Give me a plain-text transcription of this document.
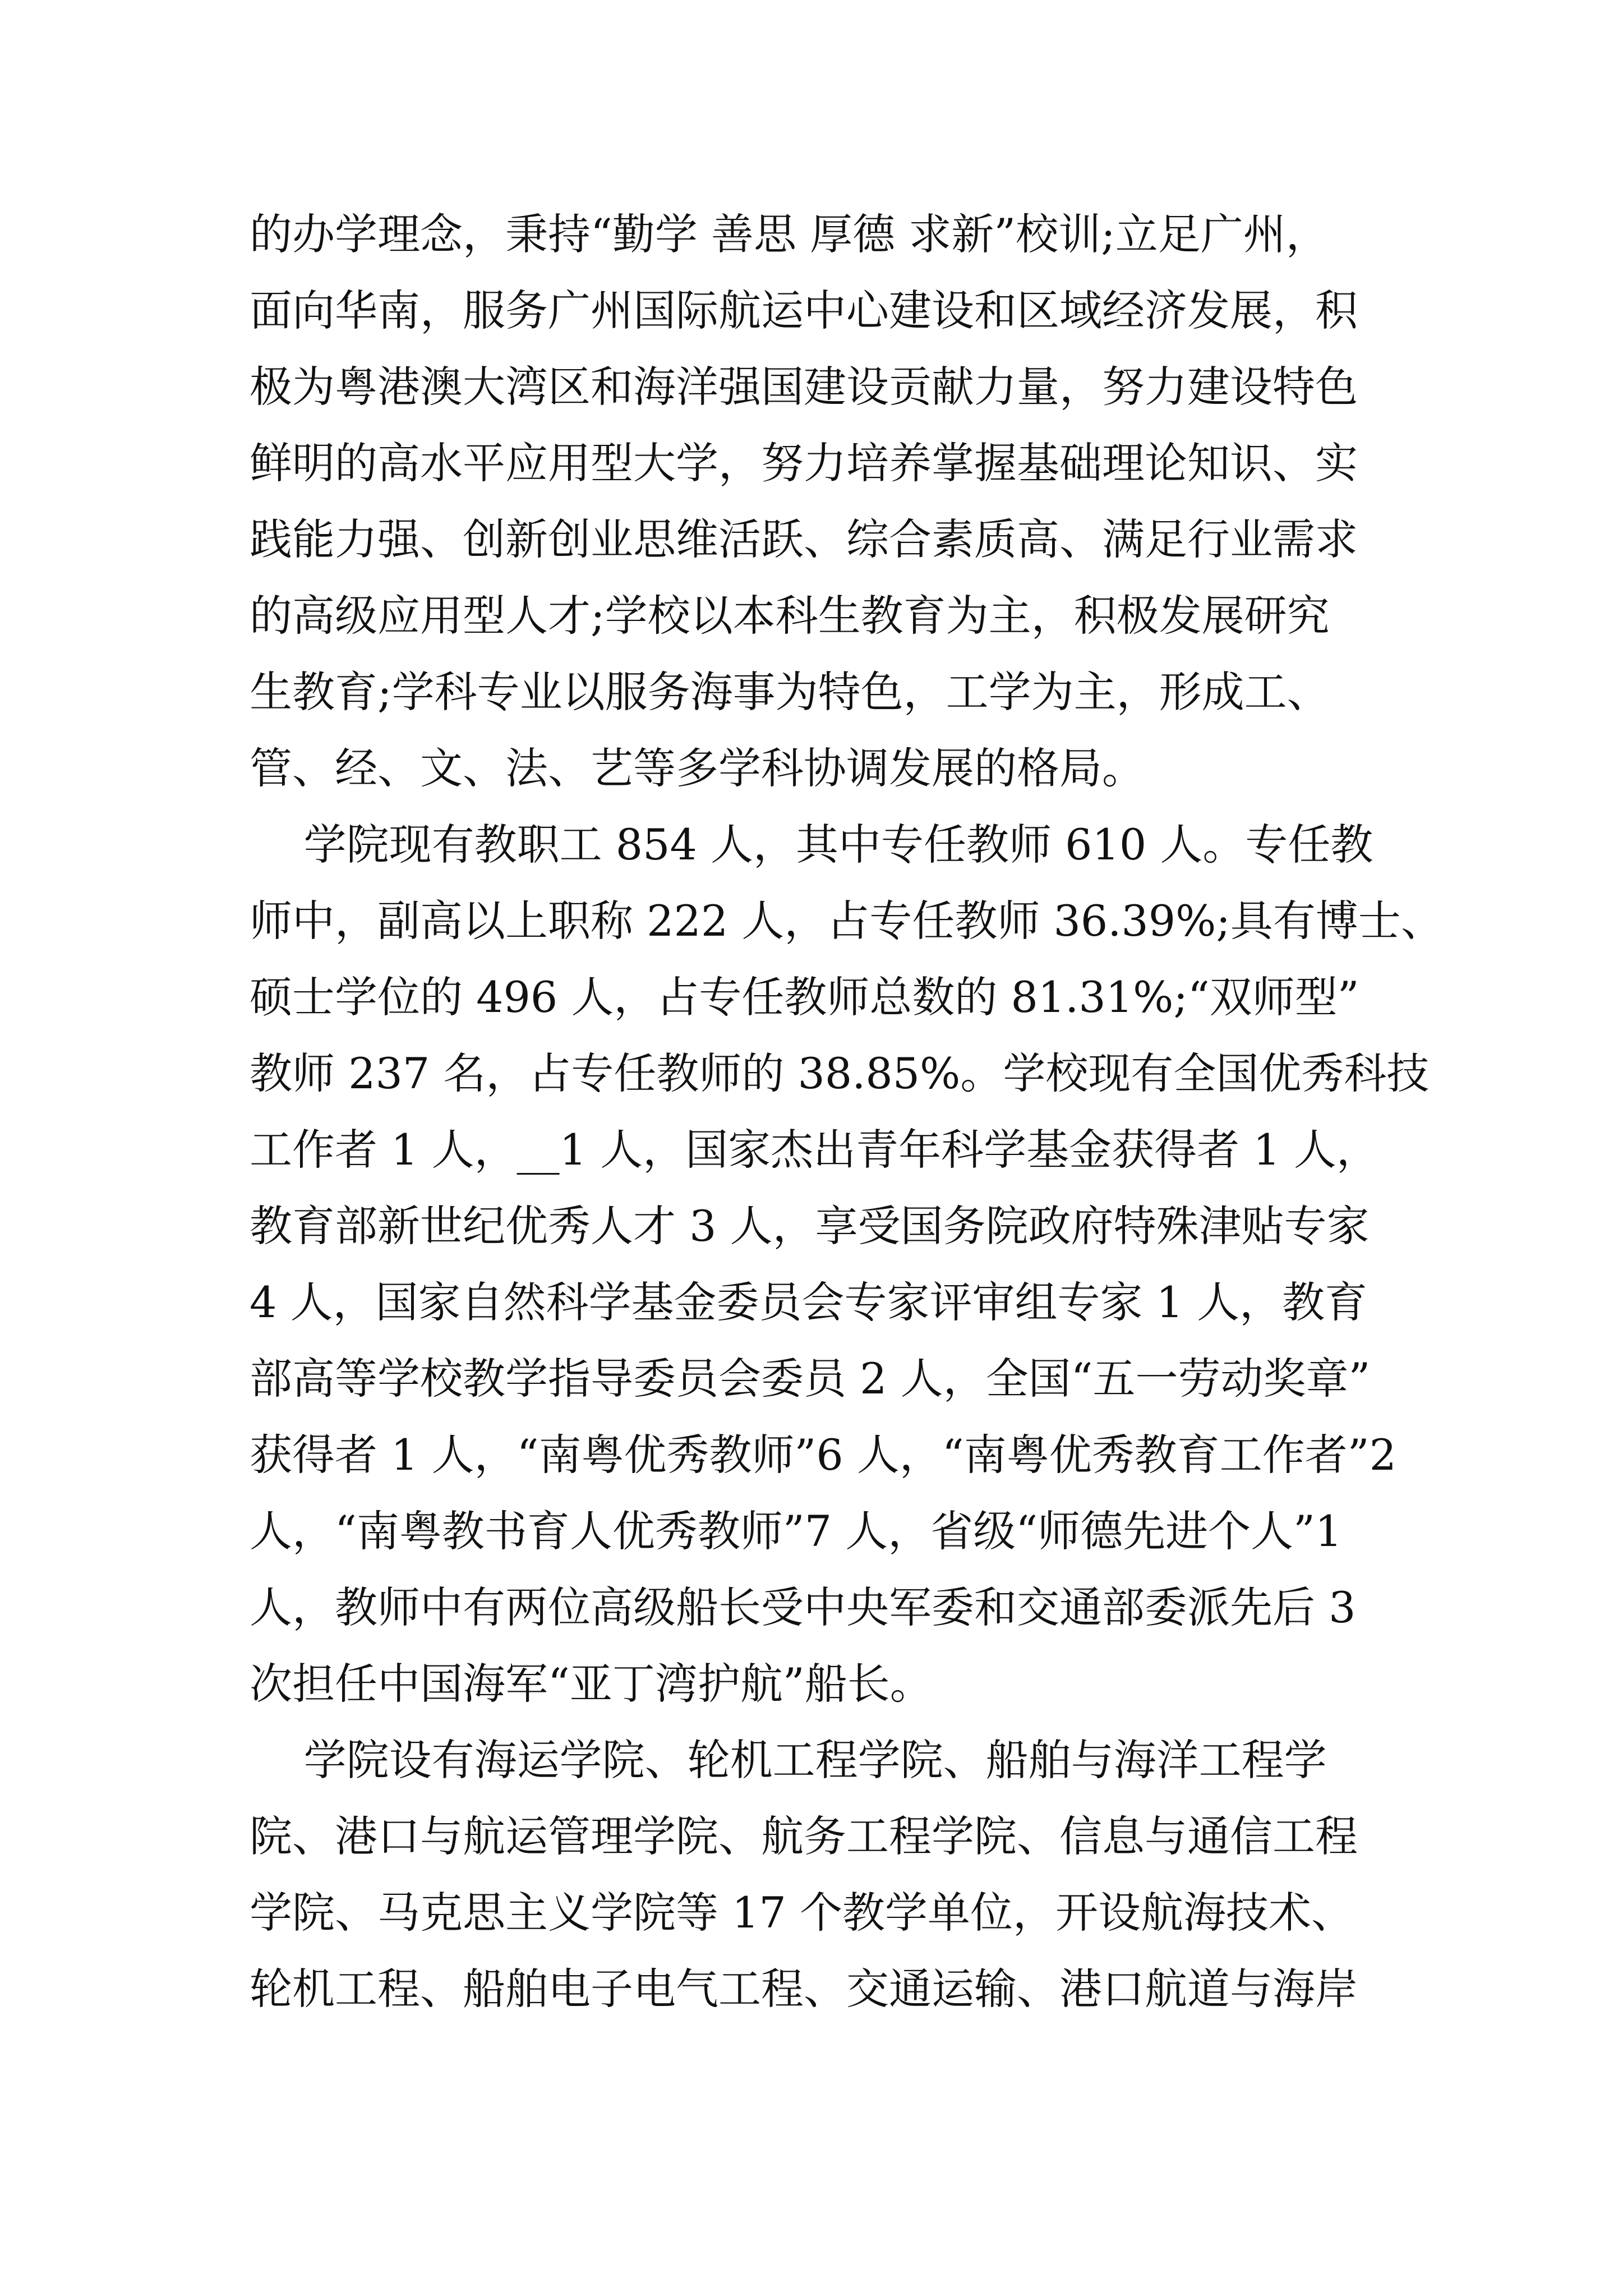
的办学理念，秉持“勤学 善思 厚德 求新”校训;立足广州，
面向华南，服务广州国际航运中心建设和区域经济发展，积
极为粤港澳大湾区和海洋强国建设贡献力量，努力建设特色
鲜明的高水平应用型大学，努力培养掌握基础理论知识、实
践能力强、创新创业思维活跃、综合素质高、满足行业需求
的高级应用型人才;学校以本科生教育为主，积极发展研究
生教育;学科专业以服务海事为特色，工学为主，形成工、
管、经、文、法、艺等多学科协调发展的格局。
学院现有教职工 854 人，其中专任教师 610 人。专任教
师中，副高以上职称 222 人，占专任教师 36.39%;具有博士、
硕士学位的 496 人，占专任教师总数的 81.31%;“双师型”
教师 237 名，占专任教师的 38.85%。学校现有全国优秀科技
工作者 1 人，__1 人，国家杰出青年科学基金获得者 1 人，
教育部新世纪优秀人才 3 人，享受国务院政府特殊津贴专家
4 人，国家自然科学基金委员会专家评审组专家 1 人，教育
部高等学校教学指导委员会委员 2 人，全国“五一劳动奖章”
获得者 1 人，“南粤优秀教师”6 人，“南粤优秀教育工作者”2
人，“南粤教书育人优秀教师”7 人，省级“师德先进个人”1
人，教师中有两位高级船长受中央军委和交通部委派先后 3
次担任中国海军“亚丁湾护航”船长。
学院设有海运学院、轮机工程学院、船舶与海洋工程学
院、港口与航运管理学院、航务工程学院、信息与通信工程
学院、马克思主义学院等 17 个教学单位，开设航海技术、
轮机工程、船舶电子电气工程、交通运输、港口航道与海岸
